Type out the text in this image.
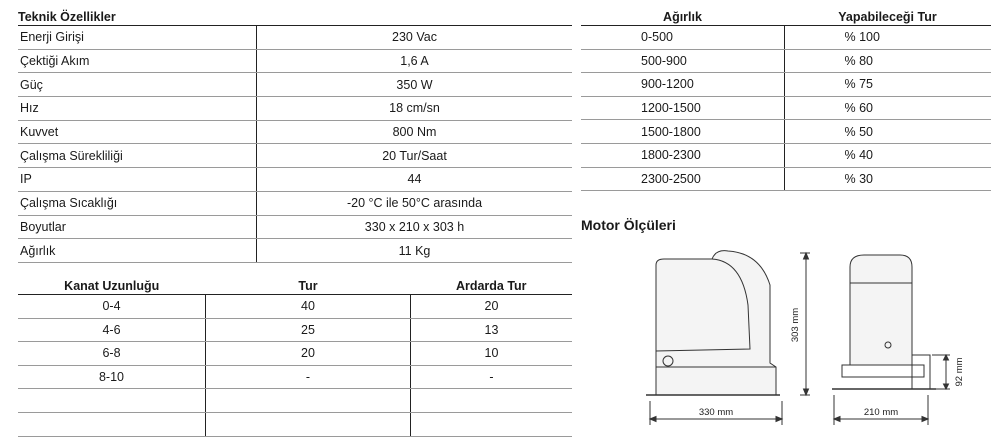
Teknik Özellikler	
Enerji Girişi	230 Vac
Çektiği Akım	1,6 A
Güç	350 W
Hız	18 cm/sn
Kuvvet	800 Nm
Çalışma Sürekliliği	20 Tur/Saat
IP	44
Çalışma Sıcaklığı	-20 °C ile 50°C arasında
Boyutlar	330 x 210 x 303 h
Ağırlık	11 Kg
Kanat Uzunluğu	Tur	Ardarda Tur
0-4	40	20
4-6	25	13
6-8	20	10
8-10	-	-

Ağırlık	Yapabileceği Tur
0-500	% 100
500-900	% 80
900-1200	% 75
1200-1500	% 60
1500-1800	% 50
1800-2300	% 40
2300-2500	% 30
Motor Ölçüleri
330 mm
303 mm
210 mm
92 mm
